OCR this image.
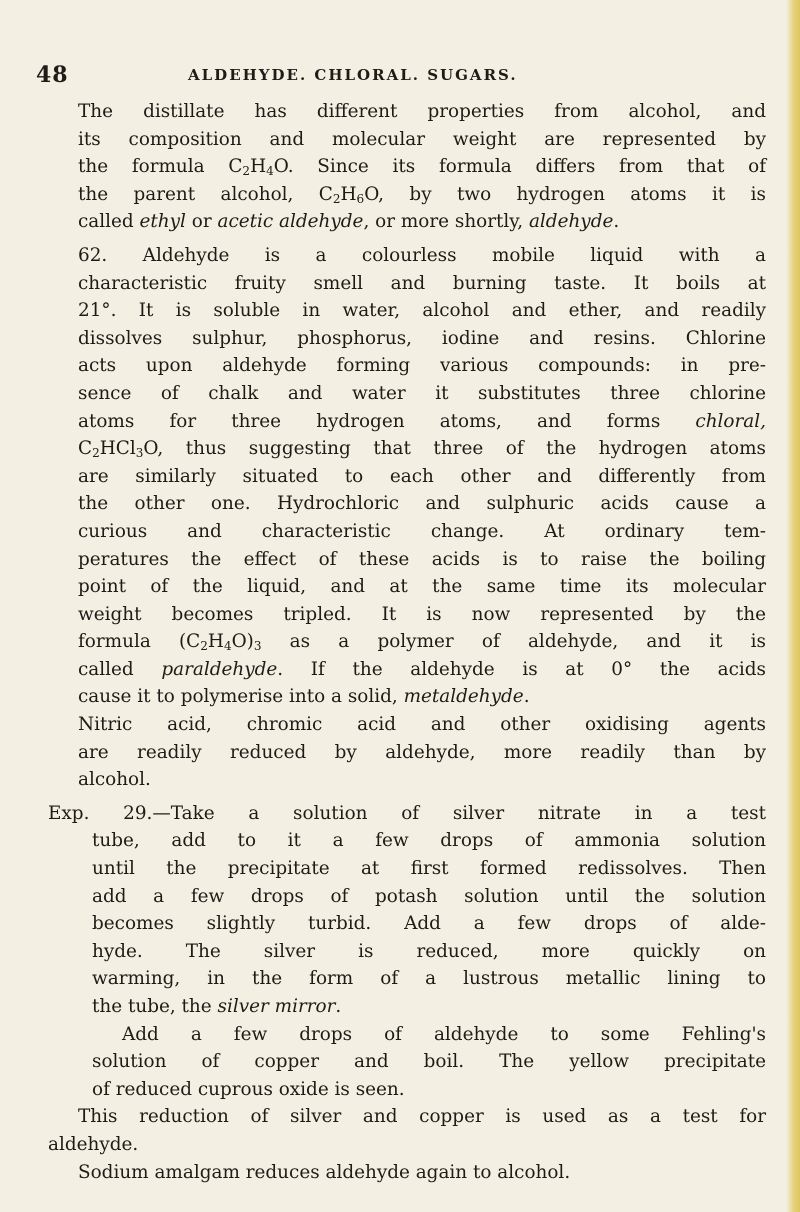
48	ALDEHYDE. CHLORAL. SUGARS.

The distillate has different properties from alcohol, and
its composition and molecular weight are represented by
the formula $C_2H_4O$. Since its formula differs from that of
the parent alcohol, $C_2H_6O$, by two hydrogen atoms it is
called ethyl or acetic aldehyde, or more shortly, aldehyde.

62. Aldehyde is a colourless mobile liquid with a
characteristic fruity smell and burning taste. It boils at
21°. It is soluble in water, alcohol and ether, and readily
dissolves sulphur, phosphorus, iodine and resins. Chlorine
acts upon aldehyde forming various compounds: in pre-
sence of chalk and water it substitutes three chlorine
atoms for three hydrogen atoms, and forms chloral,
$C_2HCl_3O$, thus suggesting that three of the hydrogen atoms
are similarly situated to each other and differently from
the other one. Hydrochloric and sulphuric acids cause a
curious and characteristic change. At ordinary tem-
peratures the effect of these acids is to raise the boiling
point of the liquid, and at the same time its molecular
weight becomes tripled. It is now represented by the
formula $(C_2H_4O)_3$ as a polymer of aldehyde, and it is
called paraldehyde. If the aldehyde is at 0° the acids
cause it to polymerise into a solid, metaldehyde.

Nitric acid, chromic acid and other oxidising agents
are readily reduced by aldehyde, more readily than by
alcohol.

Exp. 29.—Take a solution of silver nitrate in a test
tube, add to it a few drops of ammonia solution
until the precipitate at first formed redissolves. Then
add a few drops of potash solution until the solution
becomes slightly turbid. Add a few drops of alde-
hyde. The silver is reduced, more quickly on
warming, in the form of a lustrous metallic lining to
the tube, the silver mirror.

Add a few drops of aldehyde to some Fehling's
solution of copper and boil. The yellow precipitate
of reduced cuprous oxide is seen.

This reduction of silver and copper is used as a test for
aldehyde.

Sodium amalgam reduces aldehyde again to alcohol.
